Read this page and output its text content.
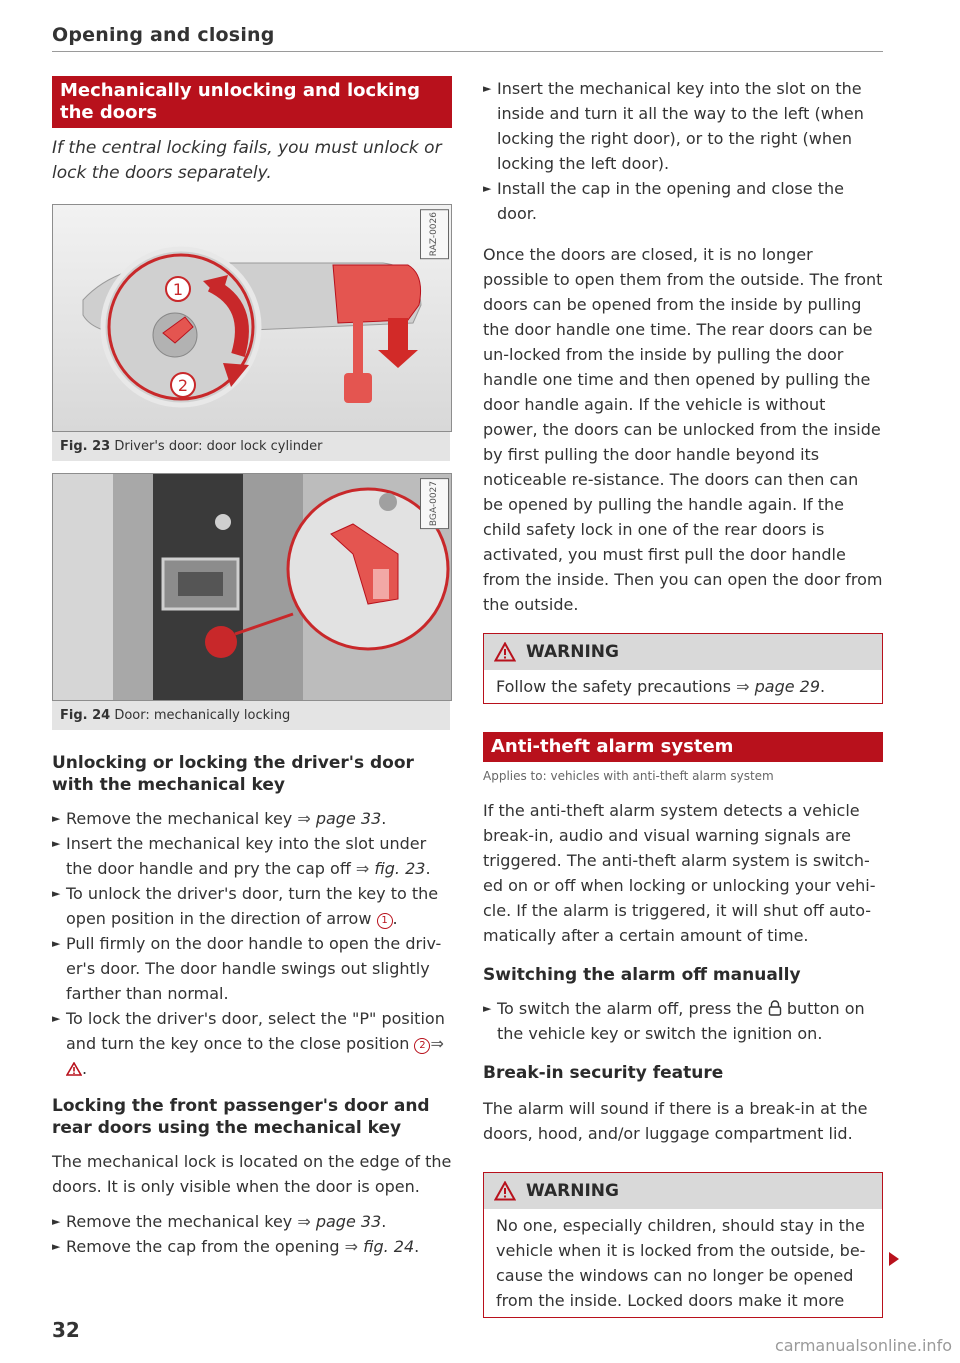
Opening and closing
Mechanically unlocking and locking the doors
If the central locking fails, you must unlock or lock the doors separately.
1
2
RAZ-0026
Fig. 23 Driver's door: door lock cylinder
BGA-0027
Fig. 24 Door: mechanically locking
Unlocking or locking the driver's door with the mechanical key
► Remove the mechanical key ⇒ page 33.
► Insert the mechanical key into the slot under the door handle and pry the cap off ⇒ fig. 23.
► To unlock the driver's door, turn the key to the open position in the direction of arrow 1 .
► Pull firmly on the door handle to open the driv-er's door. The door handle swings out slightly farther than normal.
► To lock the driver's door, select the "P" position and turn the key once to the close position 2 ⇒ .
Locking the front passenger's door and rear doors using the mechanical key
The mechanical lock is located on the edge of the doors. It is only visible when the door is open.
► Remove the mechanical key ⇒ page 33.
► Remove the cap from the opening ⇒ fig. 24.
► Insert the mechanical key into the slot on the inside and turn it all the way to the left (when locking the right door), or to the right (when locking the left door).
► Install the cap in the opening and close the door.
Once the doors are closed, it is no longer possible to open them from the outside. The front doors can be opened from the inside by pulling the door handle one time. The rear doors can be un-locked from the inside by pulling the door handle one time and then opened by pulling the door handle again. If the vehicle is without power, the doors can be unlocked from the inside by first pulling the door handle beyond its noticeable re-sistance. The doors can then can be opened by pulling the handle again. If the child safety lock in one of the rear doors is activated, you must first pull the door handle from the inside. Then you can open the door from the outside.
WARNING
Follow the safety precautions ⇒ page 29.
Anti-theft alarm system
Applies to: vehicles with anti-theft alarm system
If the anti-theft alarm system detects a vehicle break-in, audio and visual warning signals are triggered. The anti-theft alarm system is switch-ed on or off when locking or unlocking your vehi-cle. If the alarm is triggered, it will shut off auto-matically after a certain amount of time.
Switching the alarm off manually
► To switch the alarm off, press the  button on the vehicle key or switch the ignition on.
Break-in security feature
The alarm will sound if there is a break-in at the doors, hood, and/or luggage compartment lid.
WARNING
No one, especially children, should stay in the vehicle when it is locked from the outside, be-cause the windows can no longer be opened from the inside. Locked doors make it more
32
carmanualsonline.info
